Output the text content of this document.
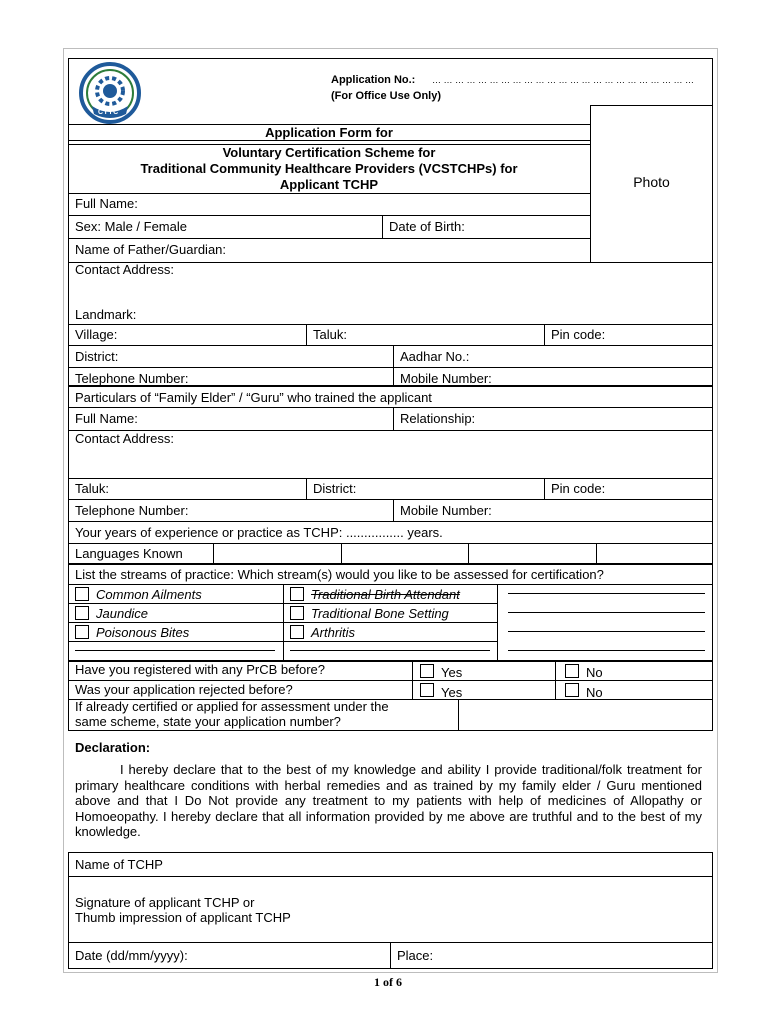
CTTC
Application No.: … … … … … … … … … … … … … … … … … … … … … … …
(For Office Use Only)
Application Form for
Voluntary Certification Scheme for
Traditional Community Healthcare Providers (VCSTCHPs) for
Applicant TCHP	Photo
Full Name:
Sex: Male / Female	Date of Birth:
Name of Father/Guardian:
Contact Address:
Landmark:
Village:	Taluk:	Pin code:
District:	Aadhar No.:
Telephone Number:	Mobile Number:
Particulars of “Family Elder” / “Guru” who trained the applicant
Full Name:	Relationship:
Contact Address:
Taluk:	District:	Pin code:
Telephone Number:	Mobile Number:
Your years of experience or practice as TCHP: ................ years.
Languages Known
List the streams of practice: Which stream(s) would you like to be assessed for certification?
Common Ailments	Traditional Birth Attendant
Jaundice	Traditional Bone Setting
Poisonous Bites	Arthritis
Have you registered with any PrCB before?	Yes	No
Was your application rejected before?	Yes	No
If already certified or applied for assessment under the
same scheme, state your application number?
Declaration:
I hereby declare that to the best of my knowledge and ability I provide traditional/folk treatment for primary healthcare conditions with herbal remedies and as trained by my family elder / Guru mentioned above and that I Do Not provide any treatment to my patients with help of medicines of Allopathy or Homoeopathy. I hereby declare that all information provided by me above are truthful and to the best of my knowledge.
Name of TCHP
Signature of applicant TCHP or
Thumb impression of applicant TCHP
Date (dd/mm/yyyy):	Place:
1 of 6
